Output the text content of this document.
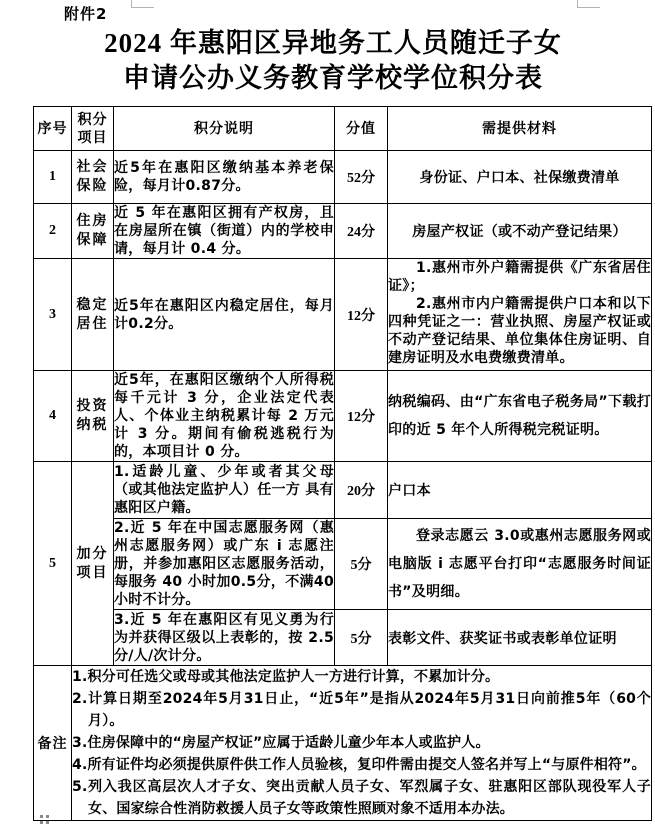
附件2
2024 年惠阳区异地务工人员随迁子女
申请公办义务教育学校学位积分表
序号	积分项目	积分说明	分值	需提供材料
1	社会保险	近5年在惠阳区缴纳基本养老保险，每月计0.87分。	52分	身份证、户口本、社保缴费清单
2	住房保障	近 5 年在惠阳区拥有产权房，且在房屋所在镇（街道）内的学校申请，每月计 0.4 分。	24分	房屋产权证（或不动产登记结果）
3	稳定居住	近5年在惠阳区内稳定居住，每月计0.2分。	12分	1.惠州市外户籍需提供《广东省居住证》；

2.惠州市内户籍需提供户口本和以下四种凭证之一：营业执照、房屋产权证或不动产登记结果、单位集体住房证明、自建房证明及水电费缴费清单。

4	投资纳税	近5年，在惠阳区缴纳个人所得税每千元计 3 分，企业法定代表人、个体业主纳税累计每 2 万元计 3 分。期间有偷税逃税行为的，本项目计 0 分。	12分	纳税编码、由“广东省电子税务局”下载打印的近 5 年个人所得税完税证明。
5	加分项目	1.适龄儿童、少年或者其父母 （或其他法定监护人）任一方 具有惠阳区户籍。	20分	户口本
		2.近 5 年在中国志愿服务网（惠州志愿服务网）或广东 i 志愿注册，并参加惠阳区志愿服务活动，每服务 40 小时加0.5分，不满40小时不计分。	5分	登录志愿云 3.0或惠州志愿服务网或电脑版 i 志愿平台打印“志愿服务时间证书”及明细。

		3.近 5 年在惠阳区有见义勇为行为并获得区级以上表彰的，按 2.5分/人/次计分。	5分	表彰文件、获奖证书或表彰单位证明
备注	1.积分可任选父或母或其他法定监护人一方进行计算，不累加计分。

2.计算日期至2024年5月31日止，“近5年”是指从2024年5月31日向前推5年（60个月）。

3.住房保障中的“房屋产权证”应属于适龄儿童少年本人或监护人。

4.所有证件均必须提供原件供工作人员验核，复印件需由提交人签名并写上“与原件相符”。

5.列入我区高层次人才子女、突出贡献人员子女、军烈属子女、驻惠阳区部队现役军人子女、国家综合性消防救援人员子女等政策性照顾对象不适用本办法。			
